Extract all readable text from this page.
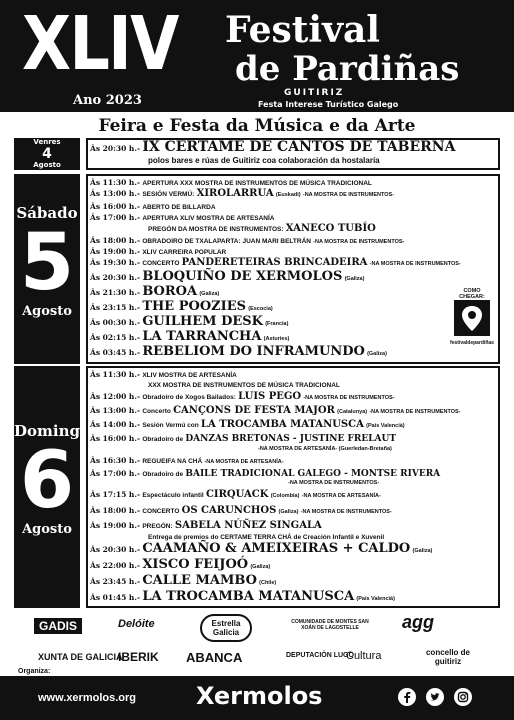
XLIV
Ano 2023
Festival
de Pardiñas
GUITIRIZ
Festa Interese Turístico Galego
Feira e Festa da Música e da Arte
Venres
4
Agosto
Ás 20:30 h.- IX CERTAME DE CANTOS DE TABERNA
polos bares e rúas de Guitiriz coa colaboración da hostalaría
Sábado
5
Agosto
Ás 11:30 h.- APERTURA XXX MOSTRA DE INSTRUMENTOS DE MÚSICA TRADICIONAL
Ás 13:00 h.- SESIÓN VERMÚ: XIROLARRUA (Euskadi) -NA MOSTRA DE INSTRUMENTOS-
Ás 16:00 h.- ABERTO DE BILLARDA
Ás 17:00 h.- APERTURA XLIV MOSTRA DE ARTESANÍA
PREGÓN DA MOSTRA DE INSTRUMENTOS: XANECO TUBÍO
Ás 18:00 h.- OBRADOIRO DE TXALAPARTA: JUAN MARI BELTRÁN -NA MOSTRA DE INSTRUMENTOS-
Ás 19:00 h.- XLIV CARREIRA POPULAR
Ás 19:30 h.- CONCERTO PANDERETEIRAS BRINCADEIRA -NA MOSTRA DE INSTRUMENTOS-
Ás 20:30 h.- BLOQUIÑO DE XERMOLOS (Galiza)
Ás 21:30 h.- BOROA (Galiza)
Ás 23:15 h.- THE POOZIES (Escocia)
Ás 00:30 h.- GUILHEM DESK (Francia)
Ás 02:15 h.- LA TARRANCHA (Asturies)
Ás 03:45 h.- REBELIOM DO INFRAMUNDO (Galiza)
COMO CHEGAR:
festivaldepardiñas
Domingo
6
Agosto
Ás 11:30 h.- XLIV MOSTRA DE ARTESANÍA
XXX MOSTRA DE INSTRUMENTOS DE MÚSICA TRADICIONAL
Ás 12:00 h.- Obradoiro de Xogos Bailados: LUIS PEGO -NA MOSTRA DE INSTRUMENTOS-
Ás 13:00 h.- Concerto CANÇONS DE FESTA MAJOR (Catalunya) -NA MOSTRA DE INSTRUMENTOS-
Ás 14:00 h.- Sesión Vermú con LA TROCAMBA MATANUSCA (País Valencià)
Ás 16:00 h.- Obradoiro de DANZAS BRETONAS - JUSTINE FRELAUT
-NA MOSTRA DE ARTESANÍA- (Guerledan-Bretaña)
Ás 16:30 h.- REGUEIFA NA CHÁ -NA MOSTRA DE ARTESANÍA-
Ás 17:00 h.- Obradoiro de BAILE TRADICIONAL GALEGO - MONTSE RIVERA
-NA MOSTRA DE INSTRUMENTOS-
Ás 17:15 h.- Espectáculo infantil CIRQUACK (Colombia) -NA MOSTRA DE ARTESANÍA-
Ás 18:00 h.- CONCERTO OS CARUNCHOS (Galiza) -NA MOSTRA DE INSTRUMENTOS-
Ás 19:00 h.- PREGÓN: SABELA NÚÑEZ SINGALA
Entrega de premios do CERTAME TERRA CHÁ de Creación Infantil e Xuvenil
Ás 20:30 h.- CAAMAÑO & AMEIXEIRAS + CALDO (Galiza)
Ás 22:00 h.- XISCO FEIJOÓ (Galiza)
Ás 23:45 h.- CALLE MAMBO (Chile)
Ás 01:45 h.- LA TROCAMBA MATANUSCA (País Valencià)
GADIS	Delóite	Estrella Galicia
COMUNIDADE DE MONTES SAN XOÁN DE LAGOSTELLE	agg
XUNTA DE GALICIA
IBERIK ABANCA	DEPUTACIÓN LUGO
Cultura	concello de guitiriz
Organiza:
www.xermolos.org Xermolos
